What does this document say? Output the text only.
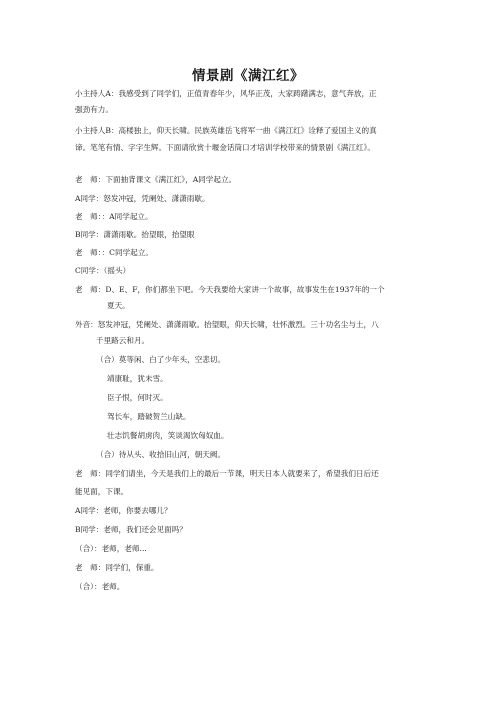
情景剧《满江红》
小主持人A：我感受到了同学们，正值青春年少，风华正茂，大家踌躇满志，意气奔放，正
强劲有力。
小主持人B：高楼独上，仰天长啸。民族英雄岳飞将军一曲《满江红》诠释了爱国主义的真
谛。笔笔有情、字字生辉。下面请欣赏十堰金话筒口才培训学校带来的情景剧《满江红》。
老　师：下面抽背课文《满江红》，A同学起立。
A同学：怒发冲冠，凭阑处、潇潇雨歇。
老　师：：A同学起立。
B同学：潇潇雨歇。抬望眼，抬望眼
老　师：：C同学起立。
C同学：（摇头）
老　师：D、E、F，你们都坐下吧。今天我要给大家讲一个故事，故事发生在1937年的一个
夏天。
外音：怒发冲冠，凭阑处、潇潇雨歇。抬望眼，仰天长啸，壮怀激烈。三十功名尘与土，八
千里路云和月。
（合）莫等闲、白了少年头，空悲切。
靖康耻，犹未雪。
臣子恨，何时灭。
驾长车，踏破贺兰山缺。
壮志饥餐胡虏肉，笑谈渴饮匈奴血。
（合）待从头、收拾旧山河，朝天阙。
老　师：同学们请坐，今天是我们上的最后一节课，明天日本人就要来了，希望我们日后还
能见面，下课。
A同学：老师，你要去哪儿？
B同学：老师，我们还会见面吗？
（合）：老师，老师...
老　师：同学们，保重。
（合）：老师。
